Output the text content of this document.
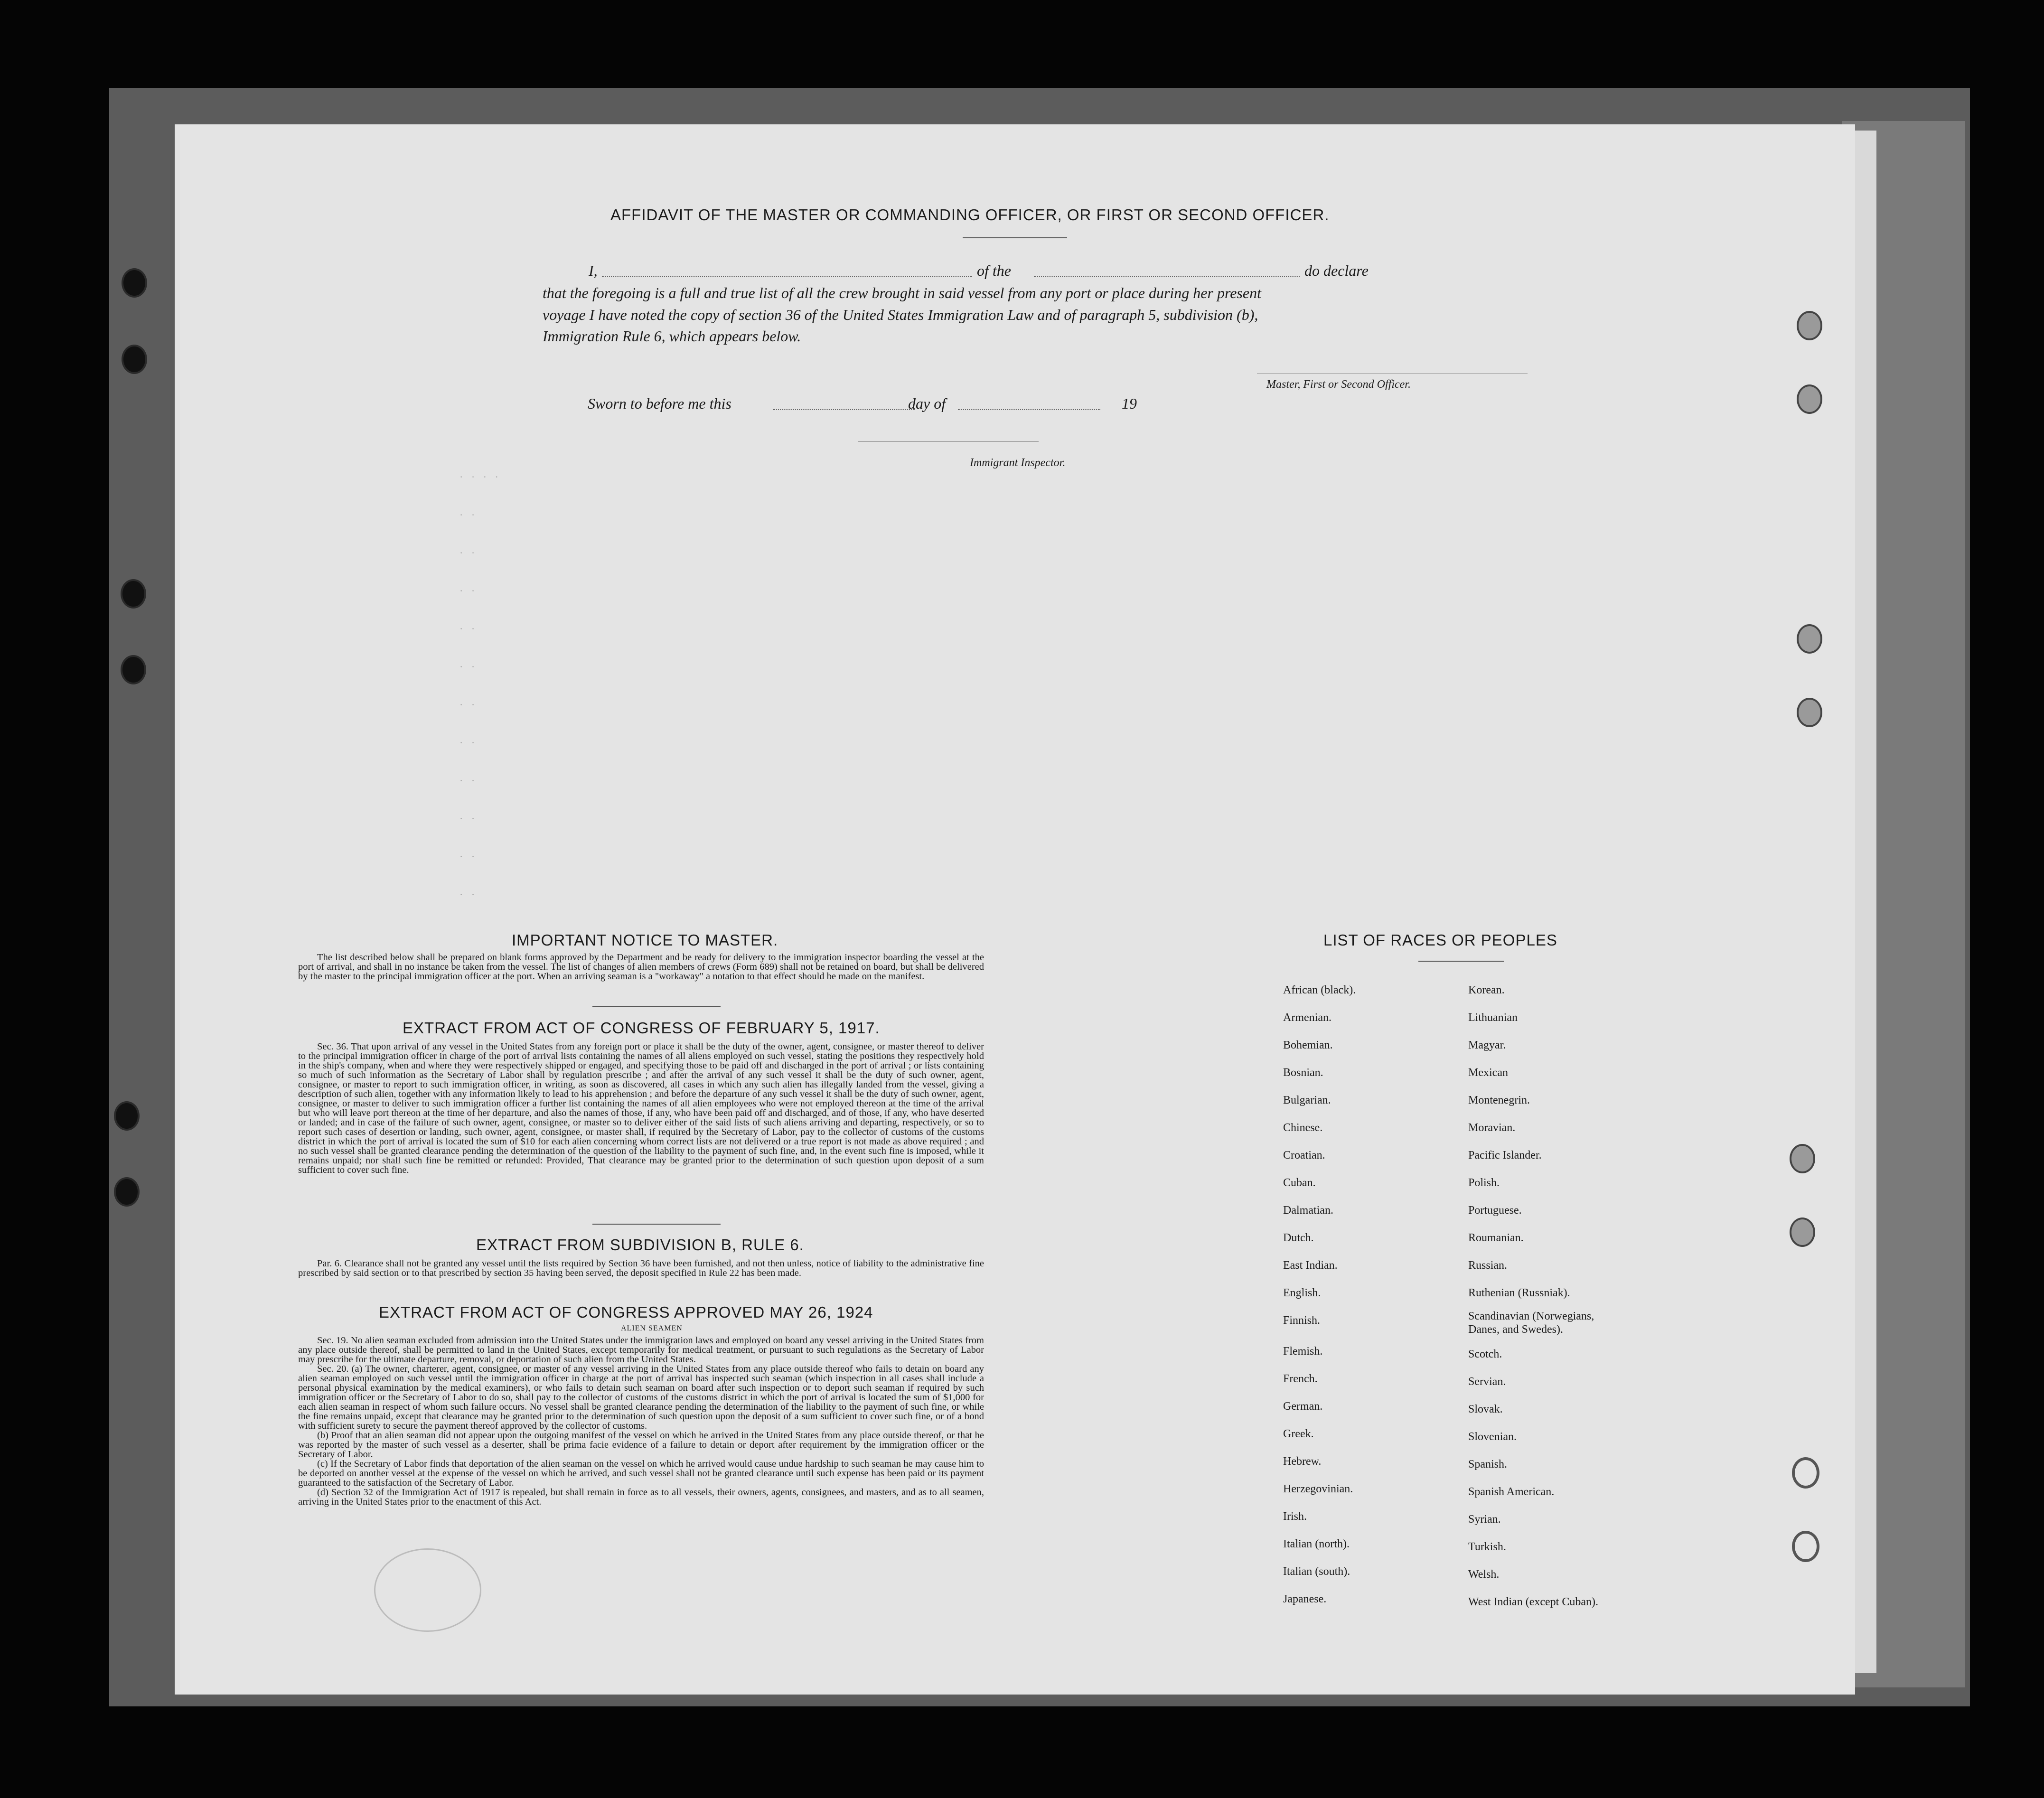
· · · ·
· ·
· ·
· ·
· ·
· ·
· ·
· ·
· ·
· ·
· ·
· ·
AFFIDAVIT OF THE MASTER OR COMMANDING OFFICER, OR FIRST OR SECOND OFFICER.
I,	of the	do declare
that the foregoing is a full and true list of all the crew brought in said vessel from any port or place during her present
voyage I have noted the copy of section 36 of the United States Immigration Law and of paragraph 5, subdivision (b),
Immigration Rule 6, which appears below.
Master, First or Second Officer.
Sworn to before me this	day of	19
Immigrant Inspector.
IMPORTANT NOTICE TO MASTER.

The list described below shall be prepared on blank forms approved by the Department and be ready for delivery to the immigration inspector boarding the vessel at the port of arrival, and shall in no instance be taken from the vessel. The list of changes of alien members of crews (Form 689) shall not be retained on board, but shall be delivered by the master to the principal immigration officer at the port. When an arriving seaman is a "workaway" a notation to that effect should be made on the manifest.

EXTRACT FROM ACT OF CONGRESS OF FEBRUARY 5, 1917.

Sec. 36. That upon arrival of any vessel in the United States from any foreign port or place it shall be the duty of the owner, agent, consignee, or master thereof to deliver to the principal immigration officer in charge of the port of arrival lists containing the names of all aliens employed on such vessel, stating the positions they respectively hold in the ship's company, when and where they were respectively shipped or engaged, and specifying those to be paid off and discharged in the port of arrival ; or lists containing so much of such information as the Secretary of Labor shall by regulation prescribe ; and after the arrival of any such vessel it shall be the duty of such owner, agent, consignee, or master to report to such immigration officer, in writing, as soon as discovered, all cases in which any such alien has illegally landed from the vessel, giving a description of such alien, together with any information likely to lead to his apprehension ; and before the departure of any such vessel it shall be the duty of such owner, agent, consignee, or master to deliver to such immigration officer a further list containing the names of all alien employees who were not employed thereon at the time of the arrival but who will leave port thereon at the time of her departure, and also the names of those, if any, who have been paid off and discharged, and of those, if any, who have deserted or landed; and in case of the failure of such owner, agent, consignee, or master so to deliver either of the said lists of such aliens arriving and departing, respectively, or so to report such cases of desertion or landing, such owner, agent, consignee, or master shall, if required by the Secretary of Labor, pay to the collector of customs of the customs district in which the port of arrival is located the sum of $10 for each alien concerning whom correct lists are not delivered or a true report is not made as above required ; and no such vessel shall be granted clearance pending the determination of the question of the liability to the payment of such fine, and, in the event such fine is imposed, while it remains unpaid; nor shall such fine be remitted or refunded: Provided, That clearance may be granted prior to the determination of such question upon deposit of a sum sufficient to cover such fine.

EXTRACT FROM SUBDIVISION B, RULE 6.

Par. 6. Clearance shall not be granted any vessel until the lists required by Section 36 have been furnished, and not then unless, notice of liability to the administrative fine prescribed by said section or to that prescribed by section 35 having been served, the deposit specified in Rule 22 has been made.

EXTRACT FROM ACT OF CONGRESS APPROVED MAY 26, 1924
ALIEN SEAMEN

Sec. 19. No alien seaman excluded from admission into the United States under the immigration laws and employed on board any vessel arriving in the United States from any place outside thereof, shall be permitted to land in the United States, except temporarily for medical treatment, or pursuant to such regulations as the Secretary of Labor may prescribe for the ultimate departure, removal, or deportation of such alien from the United States.

Sec. 20. (a) The owner, charterer, agent, consignee, or master of any vessel arriving in the United States from any place outside thereof who fails to detain on board any alien seaman employed on such vessel until the immigration officer in charge at the port of arrival has inspected such seaman (which inspection in all cases shall include a personal physical examination by the medical examiners), or who fails to detain such seaman on board after such inspection or to deport such seaman if required by such immigration officer or the Secretary of Labor to do so, shall pay to the collector of customs of the customs district in which the port of arrival is located the sum of $1,000 for each alien seaman in respect of whom such failure occurs. No vessel shall be granted clearance pending the determination of the liability to the payment of such fine, or while the fine remains unpaid, except that clearance may be granted prior to the determination of such question upon the deposit of a sum sufficient to cover such fine, or of a bond with sufficient surety to secure the payment thereof approved by the collector of customs.

(b) Proof that an alien seaman did not appear upon the outgoing manifest of the vessel on which he arrived in the United States from any place outside thereof, or that he was reported by the master of such vessel as a deserter, shall be prima facie evidence of a failure to detain or deport after requirement by the immigration officer or the Secretary of Labor.

(c) If the Secretary of Labor finds that deportation of the alien seaman on the vessel on which he arrived would cause undue hardship to such seaman he may cause him to be deported on another vessel at the expense of the vessel on which he arrived, and such vessel shall not be granted clearance until such expense has been paid or its payment guaranteed to the satisfaction of the Secretary of Labor.

(d) Section 32 of the Immigration Act of 1917 is repealed, but shall remain in force as to all vessels, their owners, agents, consignees, and masters, and as to all seamen, arriving in the United States prior to the enactment of this Act.

LIST OF RACES OR PEOPLES
African (black).
Armenian.
Bohemian.
Bosnian.
Bulgarian.
Chinese.
Croatian.
Cuban.
Dalmatian.
Dutch.
East Indian.
English.
Finnish.
Flemish.
French.
German.
Greek.
Hebrew.
Herzegovinian.
Irish.
Italian (north).
Italian (south).
Japanese.
Korean.
Lithuanian
Magyar.
Mexican
Montenegrin.
Moravian.
Pacific Islander.
Polish.
Portuguese.
Roumanian.
Russian.
Ruthenian (Russniak).
Scandinavian (Norwegians, Danes, and Swedes).
Scotch.
Servian.
Slovak.
Slovenian.
Spanish.
Spanish American.
Syrian.
Turkish.
Welsh.
West Indian (except Cuban).
